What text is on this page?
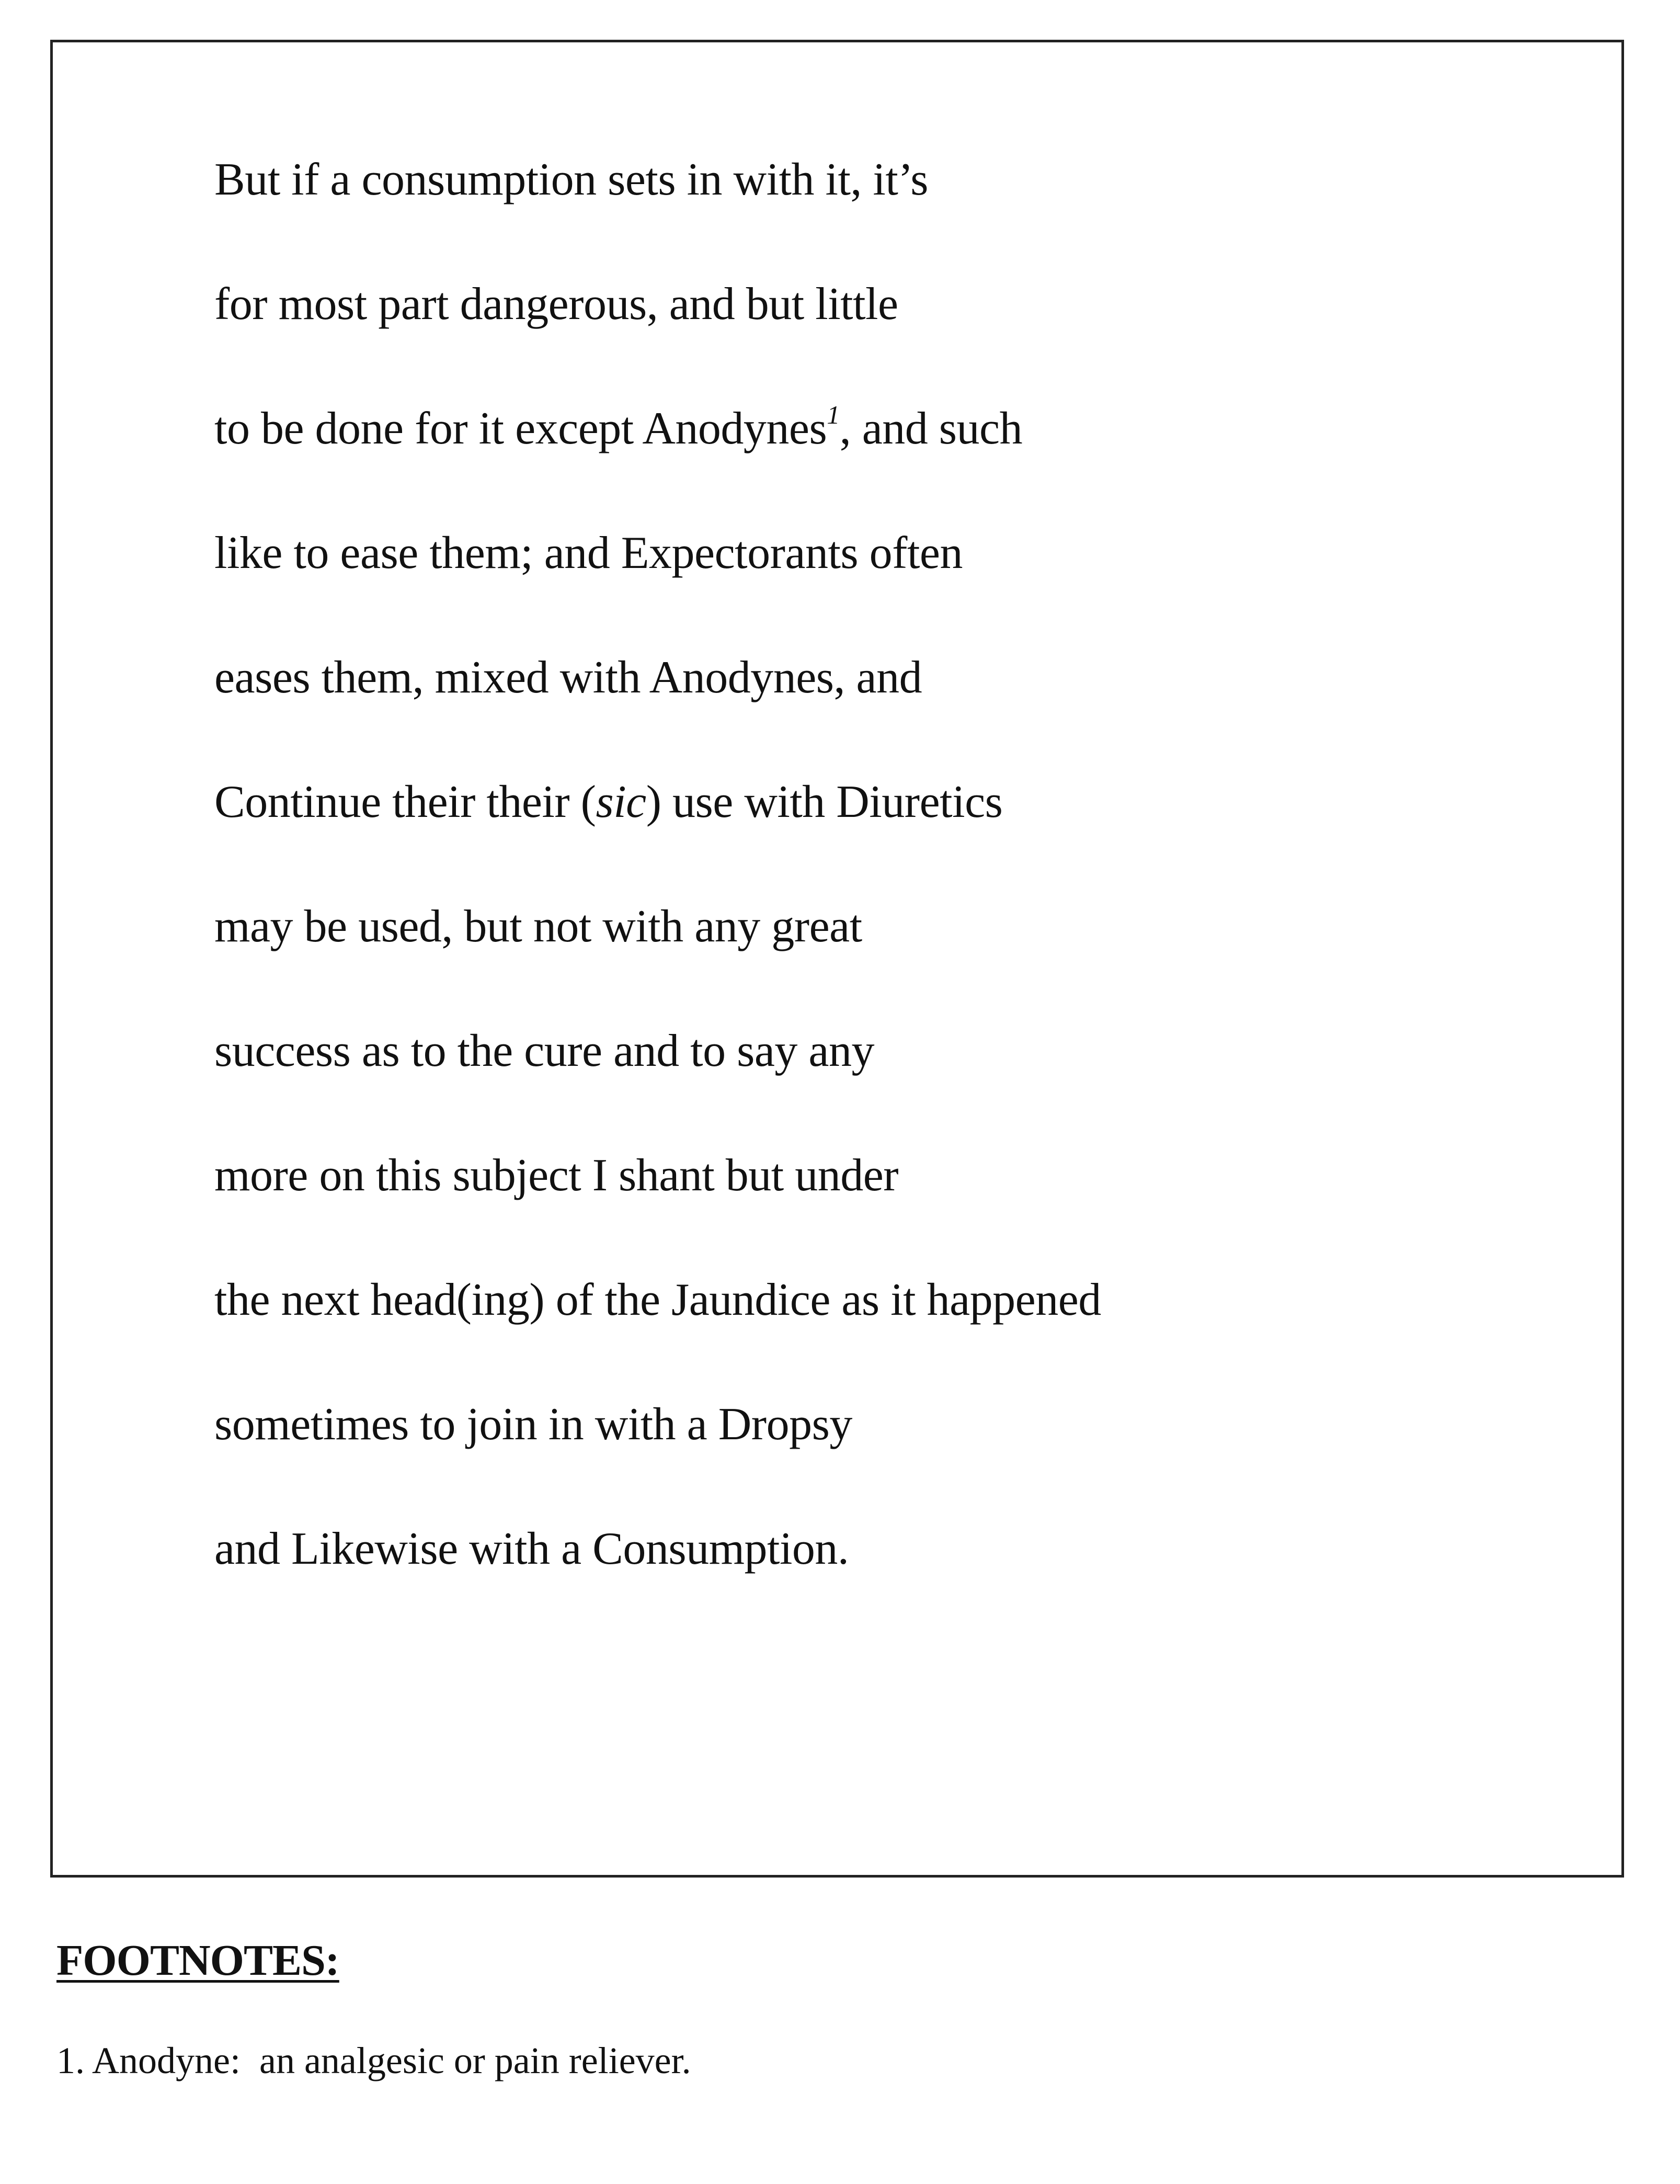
But if a consumption sets in with it, it’s
for most part dangerous, and but little
to be done for it except Anodynes$^1$, and such
like to ease them; and Expectorants often
eases them, mixed with Anodynes, and
Continue their their (sic) use with Diuretics
may be used, but not with any great
success as to the cure and to say any
more on this subject I shant but under
the next head(ing) of the Jaundice as it happened
sometimes to join in with a Dropsy
and Likewise with a Consumption.
FOOTNOTES:

1. Anodyne: an analgesic or pain reliever.
